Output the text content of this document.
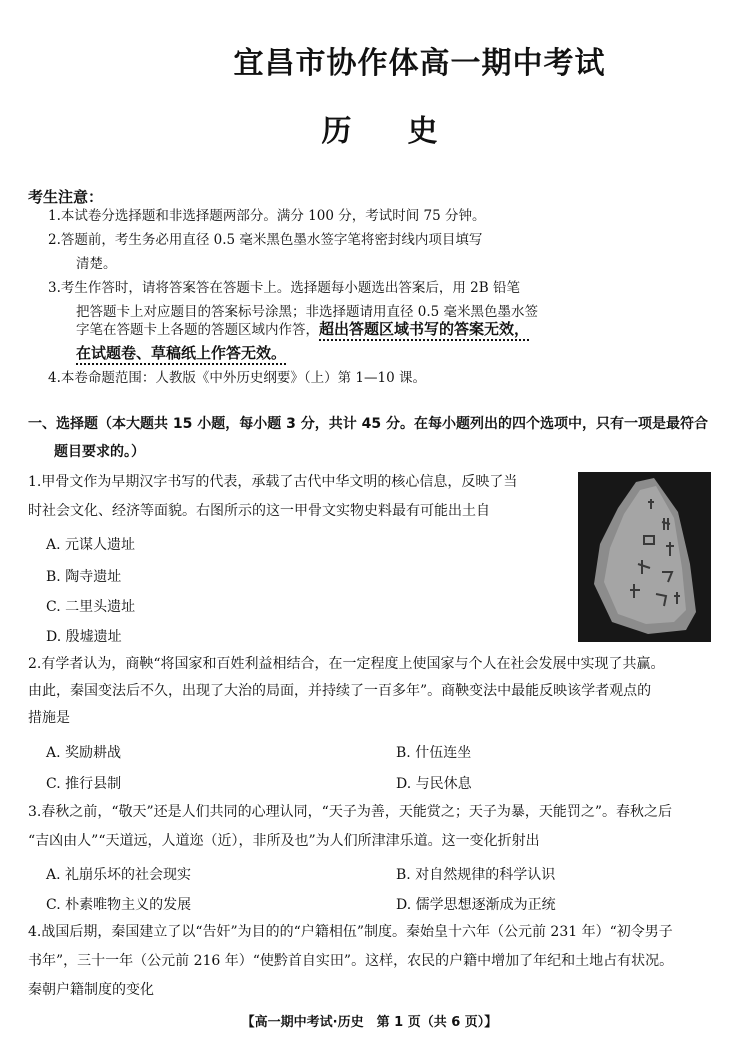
宜昌市协作体高一期中考试
历 史
考生注意：
1.本试卷分选择题和非选择题两部分。满分 100 分，考试时间 75 分钟。
2.答题前，考生务必用直径 0.5 毫米黑色墨水签字笔将密封线内项目填写
清楚。
3.考生作答时，请将答案答在答题卡上。选择题每小题选出答案后，用 2B 铅笔
把答题卡上对应题目的答案标号涂黑；非选择题请用直径 0.5 毫米黑色墨水签
字笔在答题卡上各题的答题区域内作答，超出答题区域书写的答案无效，
在试题卷、草稿纸上作答无效。
4.本卷命题范围：人教版《中外历史纲要》（上）第 1—10 课。
一、选择题（本大题共 15 小题，每小题 3 分，共计 45 分。在每小题列出的四个选项中，只有一项是最符合
题目要求的。）
1.甲骨文作为早期汉字书写的代表，承载了古代中华文明的核心信息，反映了当
时社会文化、经济等面貌。右图所示的这一甲骨文实物史料最有可能出土自
A. 元谋人遗址
B. 陶寺遗址
C. 二里头遗址
D. 殷墟遗址
2.有学者认为，商鞅“将国家和百姓利益相结合，在一定程度上使国家与个人在社会发展中实现了共赢。
由此，秦国变法后不久，出现了大治的局面，并持续了一百多年”。商鞅变法中最能反映该学者观点的
措施是
A. 奖励耕战	B. 什伍连坐
C. 推行县制	D. 与民休息
3.春秋之前，“敬天”还是人们共同的心理认同，“天子为善，天能赏之；天子为暴，天能罚之”。春秋之后
“吉凶由人”“天道远，人道迩（近），非所及也”为人们所津津乐道。这一变化折射出
A. 礼崩乐坏的社会现实	B. 对自然规律的科学认识
C. 朴素唯物主义的发展	D. 儒学思想逐渐成为正统
4.战国后期，秦国建立了以“告奸”为目的的“户籍相伍”制度。秦始皇十六年（公元前 231 年）“初令男子
书年”，三十一年（公元前 216 年）“使黔首自实田”。这样，农民的户籍中增加了年纪和土地占有状况。
秦朝户籍制度的变化
【高一期中考试·历史　第 1 页（共 6 页）】
